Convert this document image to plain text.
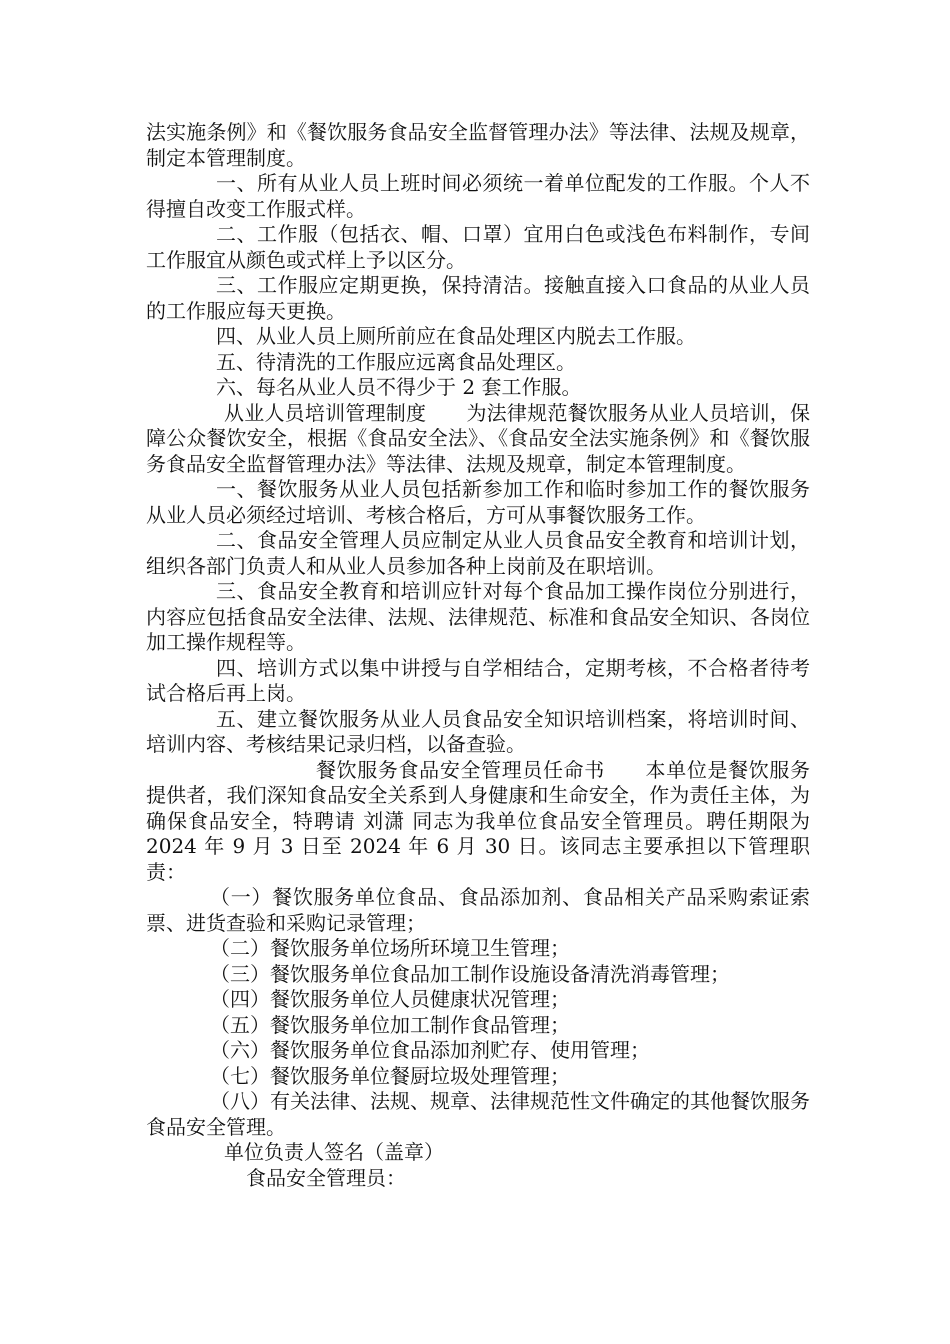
法实施条例》和《餐饮服务食品安全监督管理办法》等法律、法规及规章，制定本管理制度。

一、所有从业人员上班时间必须统一着单位配发的工作服。个人不得擅自改变工作服式样。

二、工作服（包括衣、帽、口罩）宜用白色或浅色布料制作，专间工作服宜从颜色或式样上予以区分。

三、工作服应定期更换，保持清洁。接触直接入口食品的从业人员的工作服应每天更换。

四、从业人员上厕所前应在食品处理区内脱去工作服。

五、待清洗的工作服应远离食品处理区。

六、每名从业人员不得少于 2 套工作服。

从业人员培训管理制度   为法律规范餐饮服务从业人员培训，保障公众餐饮安全，根据《食品安全法》、《食品安全法实施条例》和《餐饮服务食品安全监督管理办法》等法律、法规及规章，制定本管理制度。

一、餐饮服务从业人员包括新参加工作和临时参加工作的餐饮服务从业人员必须经过培训、考核合格后，方可从事餐饮服务工作。

二、食品安全管理人员应制定从业人员食品安全教育和培训计划，组织各部门负责人和从业人员参加各种上岗前及在职培训。

三、食品安全教育和培训应针对每个食品加工操作岗位分别进行，内容应包括食品安全法律、法规、法律规范、标准和食品安全知识、各岗位加工操作规程等。

四、培训方式以集中讲授与自学相结合，定期考核，不合格者待考试合格后再上岗。

五、建立餐饮服务从业人员食品安全知识培训档案，将培训时间、培训内容、考核结果记录归档，以备查验。

餐饮服务食品安全管理员任命书   本单位是餐饮服务提供者，我们深知食品安全关系到人身健康和生命安全，作为责任主体，为确保食品安全，特聘请 刘潇 同志为我单位食品安全管理员。聘任期限为2024 年 9 月 3 日至 2024 年 6 月 30 日。该同志主要承担以下管理职责：

（一）餐饮服务单位食品、食品添加剂、食品相关产品采购索证索票、进货查验和采购记录管理；

（二）餐饮服务单位场所环境卫生管理；

（三）餐饮服务单位食品加工制作设施设备清洗消毒管理；

（四）餐饮服务单位人员健康状况管理；

（五）餐饮服务单位加工制作食品管理；

（六）餐饮服务单位食品添加剂贮存、使用管理；

（七）餐饮服务单位餐厨垃圾处理管理；

（八）有关法律、法规、规章、法律规范性文件确定的其他餐饮服务食品安全管理。

单位负责人签名（盖章）

食品安全管理员：
